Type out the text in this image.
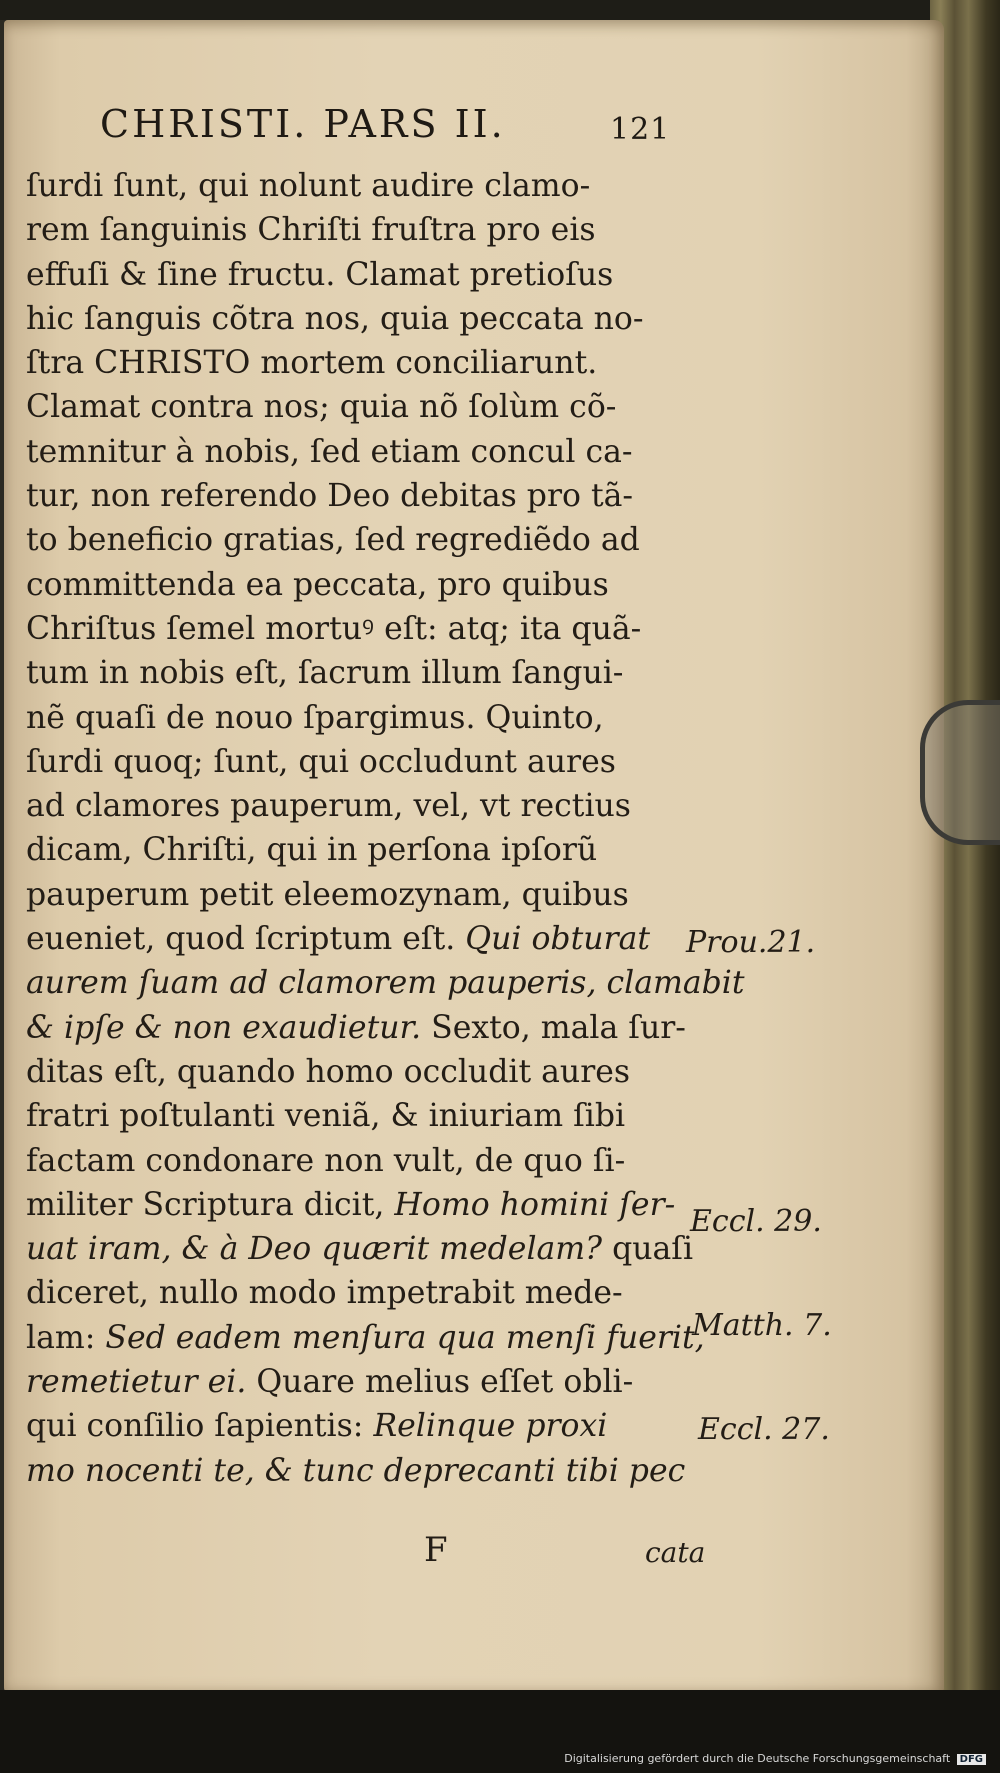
CHRISTI. PARS II.	121
ſurdi ſunt, qui nolunt audire clamo-
rem ſanguinis Chriſti fruſtra pro eis
effuſi & ſine fructu. Clamat pretioſus
hic ſanguis cõtra nos, quia peccata no-
ſtra CHRISTO mortem conciliarunt.
Clamat contra nos; quia nõ ſolùm cõ-
temnitur à nobis, ſed etiam concul ca-
tur, non referendo Deo debitas pro tã-
to beneficio gratias, ſed regrediẽdo ad
committenda ea peccata, pro quibus
Chriſtus ſemel mortuꝰ eſt: atq; ita quã-
tum in nobis eſt, ſacrum illum ſangui-
nẽ quaſi de nouo ſpargimus. Quinto,
ſurdi quoq; ſunt, qui occludunt aures
ad clamores pauperum, vel, vt rectius
dicam, Chriſti, qui in perſona ipſorũ
pauperum petit eleemozynam, quibus
eueniet, quod ſcriptum eſt. Qui obturat
aurem ſuam ad clamorem pauperis, clamabit
& ipſe & non exaudietur. Sexto, mala ſur-
ditas eſt, quando homo occludit aures
fratri poſtulanti veniã, & iniuriam ſibi
factam condonare non vult, de quo ſi-
militer Scriptura dicit, Homo homini ſer-
uat iram, & à Deo quærit medelam? quaſi
diceret, nullo modo impetrabit mede-
lam: Sed eadem menſura qua menſi fuerit,
remetietur ei. Quare melius eſſet obli-
qui conſilio ſapientis: Relinque proxi
mo nocenti te, & tunc deprecanti tibi pec
Prou.21.
Eccl. 29.
Matth. 7.
Eccl. 27.
F	cata
Digitalisierung gefördert durch die Deutsche Forschungsgemeinschaft DFG
